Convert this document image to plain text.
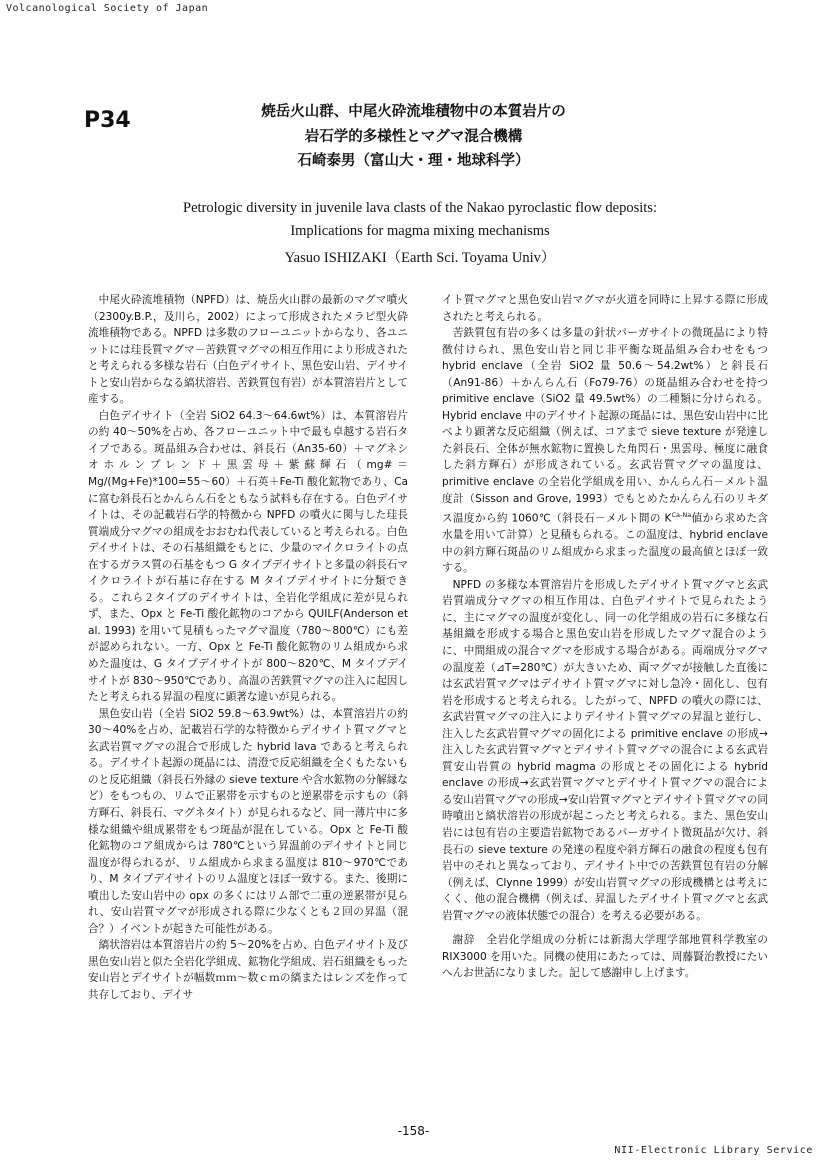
Volcanological Society of Japan
P34	焼岳火山群、中尾火砕流堆積物中の本質岩片の
岩石学的多様性とマグマ混合機構
石崎泰男（富山大・理・地球科学）
Petrologic diversity in juvenile lava clasts of the Nakao pyroclastic flow deposits:
Implications for magma mixing mechanisms
Yasuo ISHIZAKI（Earth Sci. Toyama Univ）

中尾火砕流堆積物（NPFD）は、焼岳火山群の最新のマグマ噴火（2300y.B.P.，及川ら，2002）によって形成されたメラピ型火砕流堆積物である。NPFD は多数のフローユニットからなり、各ユニットには珪長質マグマ－苦鉄質マグマの相互作用により形成されたと考えられる多様な岩石（白色デイサイト、黒色安山岩、デイサイトと安山岩からなる縞状溶岩、苦鉄質包有岩）が本質溶岩片として産する。

白色デイサイト（全岩 SiO2 64.3～64.6wt%）は、本質溶岩片の約 40～50%を占め、各フローユニット中で最も卓越する岩石タイプである。斑晶組み合わせは、斜長石（An35-60）＋マグネシオホルンブレンド＋黒雲母＋紫蘇輝石（mg#＝Mg/(Mg+Fe)*100=55～60）＋石英＋Fe-Ti 酸化鉱物であり、Ca に富む斜長石とかんらん石をともなう試料も存在する。白色デイサイトは、その記載岩石学的特徴から NPFD の噴火に関与した珪長質端成分マグマの組成をおおむね代表していると考えられる。白色デイサイトは、その石基組織をもとに、少量のマイクロライトの点在するガラス質の石基をもつ G タイプデイサイトと多量の斜長石マイクロライトが石基に存在する M タイプデイサイトに分類できる。これら２タイプのデイサイトは、全岩化学組成に差が見られず、また、Opx と Fe-Ti 酸化鉱物のコアから QUILF(Anderson et al. 1993) を用いて見積もったマグマ温度（780～800℃）にも差が認められない。一方、Opx と Fe-Ti 酸化鉱物のリム組成から求めた温度は、G タイプデイサイトが 800～820℃、M タイプデイサイトが 830～950℃であり、高温の苦鉄質マグマの注入に起因したと考えられる昇温の程度に顕著な違いが見られる。

黒色安山岩（全岩 SiO2 59.8～63.9wt%）は、本質溶岩片の約 30～40%を占め、記載岩石学的な特徴からデイサイト質マグマと玄武岩質マグマの混合で形成した hybrid lava であると考えられる。デイサイト起源の斑晶には、清澄で反応組織を全くもたないものと反応組織（斜長石外縁の sieve texture や含水鉱物の分解縁など）をもつもの、リムで正累帯を示すものと逆累帯を示すもの（斜方輝石、斜長石、マグネタイト）が見られるなど、同一薄片中に多様な組織や組成累帯をもつ斑晶が混在している。Opx と Fe-Ti 酸化鉱物のコア組成からは 780℃という昇温前のデイサイトと同じ温度が得られるが、リム組成から求まる温度は 810～970℃であり、M タイプデイサイトのリム温度とほぼ一致する。また、後期に噴出した安山岩中の opx の多くにはリム部で二重の逆累帯が見られ、安山岩質マグマが形成される際に少なくとも２回の昇温（混合？）イベントが起きた可能性がある。

縞状溶岩は本質溶岩片の約 5～20%を占め、白色デイサイト及び黒色安山岩と似た全岩化学組成、鉱物化学組成、岩石組織をもった安山岩とデイサイトが幅数ｍｍ～数ｃｍの縞またはレンズを作って共存しており、デイサ

イト質マグマと黒色安山岩マグマが火道を同時に上昇する際に形成されたと考えられる。

苦鉄質包有岩の多くは多量の針状パーガサイトの微斑晶により特徴付けられ、黒色安山岩と同じ非平衡な斑晶組み合わせをもつ hybrid enclave（全岩 SiO2 量 50.6～54.2wt%）と斜長石（An91-86）＋かんらん石（Fo79-76）の斑晶組み合わせを持つ primitive enclave（SiO2 量 49.5wt%）の二種類に分けられる。Hybrid enclave 中のデイサイト起源の斑晶には、黒色安山岩中に比べより顕著な反応組織（例えば、コアまで sieve texture が発達した斜長石、全体が無水鉱物に置換した角閃石・黒雲母、極度に融食した斜方輝石）が形成されている。玄武岩質マグマの温度は、primitive enclave の全岩化学組成を用い、かんらん石－メルト温度計（Sisson and Grove, 1993）でもとめたかんらん石のリキダス温度から約 1060℃（斜長石－メルト間の $K^{Ca-Na}$値から求めた含水量を用いて計算）と見積もられる。この温度は、hybrid enclave 中の斜方輝石斑晶のリム組成から求まった温度の最高値とほぼ一致する。

NPFD の多様な本質溶岩片を形成したデイサイト質マグマと玄武岩質端成分マグマの相互作用は、白色デイサイトで見られたように、主にマグマの温度が変化し、同一の化学組成の岩石に多様な石基組織を形成する場合と黒色安山岩を形成したマグマ混合のように、中間組成の混合マグマを形成する場合がある。両端成分マグマの温度差（⊿T=280℃）が大きいため、両マグマが接触した直後には玄武岩質マグマはデイサイト質マグマに対し急冷・固化し、包有岩を形成すると考えられる。したがって、NPFD の噴火の際には、玄武岩質マグマの注入によりデイサイト質マグマの昇温と並行し、注入した玄武岩質マグマの固化による primitive enclave の形成→注入した玄武岩質マグマとデイサイト質マグマの混合による玄武岩質安山岩質の hybrid magma の形成とその固化による hybrid enclave の形成→玄武岩質マグマとデイサイト質マグマの混合による安山岩質マグマの形成→安山岩質マグマとデイサイト質マグマの同時噴出と縞状溶岩の形成が起こったと考えられる。また、黒色安山岩には包有岩の主要造岩鉱物であるパーガサイト微斑晶が欠け、斜長石の sieve texture の発達の程度や斜方輝石の融食の程度も包有岩中のそれと異なっており、デイサイト中での苦鉄質包有岩の分解（例えば、Clynne 1999）が安山岩質マグマの形成機構とは考えにくく、他の混合機構（例えば、昇温したデイサイト質マグマと玄武岩質マグマの液体状態での混合）を考える必要がある。

謝辞　全岩化学組成の分析には新潟大学理学部地質科学教室の RIX3000 を用いた。同機の使用にあたっては、周藤賢治教授にたいへんお世話になりました。記して感謝申し上げます。

-158-
NII-Electronic Library Service
